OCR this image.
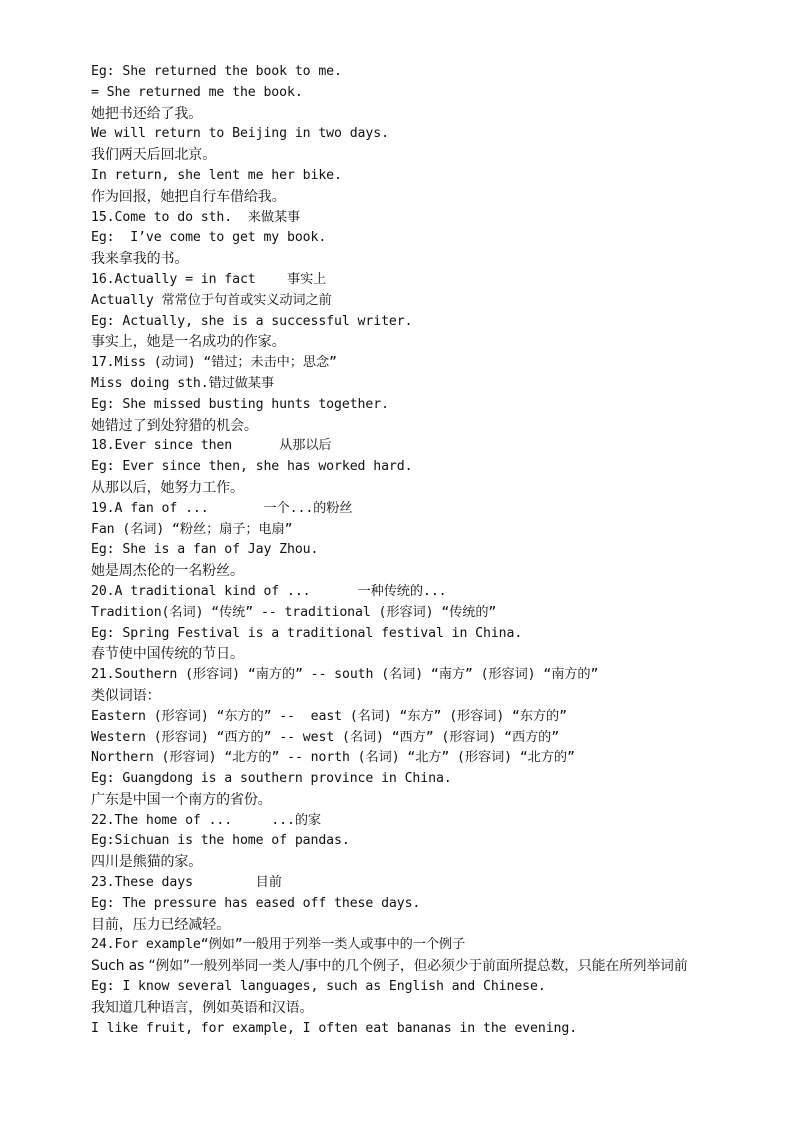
Eg: She returned the book to me.
= She returned me the book.
她把书还给了我。
We will return to Beijing in two days.
我们两天后回北京。
In return, she lent me her bike.
作为回报，她把自行车借给我。
15.Come to do sth.  来做某事
Eg:  I’ve come to get my book.
我来拿我的书。
16.Actually = in fact    事实上
Actually 常常位于句首或实义动词之前
Eg: Actually, she is a successful writer.
事实上，她是一名成功的作家。
17.Miss (动词) “错过；未击中；思念”
Miss doing sth.错过做某事
Eg: She missed busting hunts together.
她错过了到处狩猎的机会。
18.Ever since then      从那以后
Eg: Ever since then, she has worked hard.
从那以后，她努力工作。
19.A fan of ...       一个...的粉丝
Fan (名词) “粉丝；扇子；电扇”
Eg: She is a fan of Jay Zhou.
她是周杰伦的一名粉丝。
20.A traditional kind of ...      一种传统的...
Tradition(名词) “传统” -- traditional (形容词) “传统的”
Eg: Spring Festival is a traditional festival in China.
春节使中国传统的节日。
21.Southern (形容词) “南方的” -- south (名词) “南方” (形容词) “南方的”
类似词语：
Eastern (形容词) “东方的” --  east (名词) “东方” (形容词) “东方的”
Western (形容词) “西方的” -- west (名词) “西方” (形容词) “西方的”
Northern (形容词) “北方的” -- north (名词) “北方” (形容词) “北方的”
Eg: Guangdong is a southern province in China.
广东是中国一个南方的省份。
22.The home of ...     ...的家
Eg:Sichuan is the home of pandas.
四川是熊猫的家。
23.These days        目前
Eg: The pressure has eased off these days.
目前，压力已经减轻。
24.For example“例如”一般用于列举一类人或事中的一个例子
Such as “例如”一般列举同一类人/事中的几个例子，但必须少于前面所提总数，只能在所列举词前
Eg: I know several languages, such as English and Chinese.
我知道几种语言，例如英语和汉语。
I like fruit, for example, I often eat bananas in the evening.
